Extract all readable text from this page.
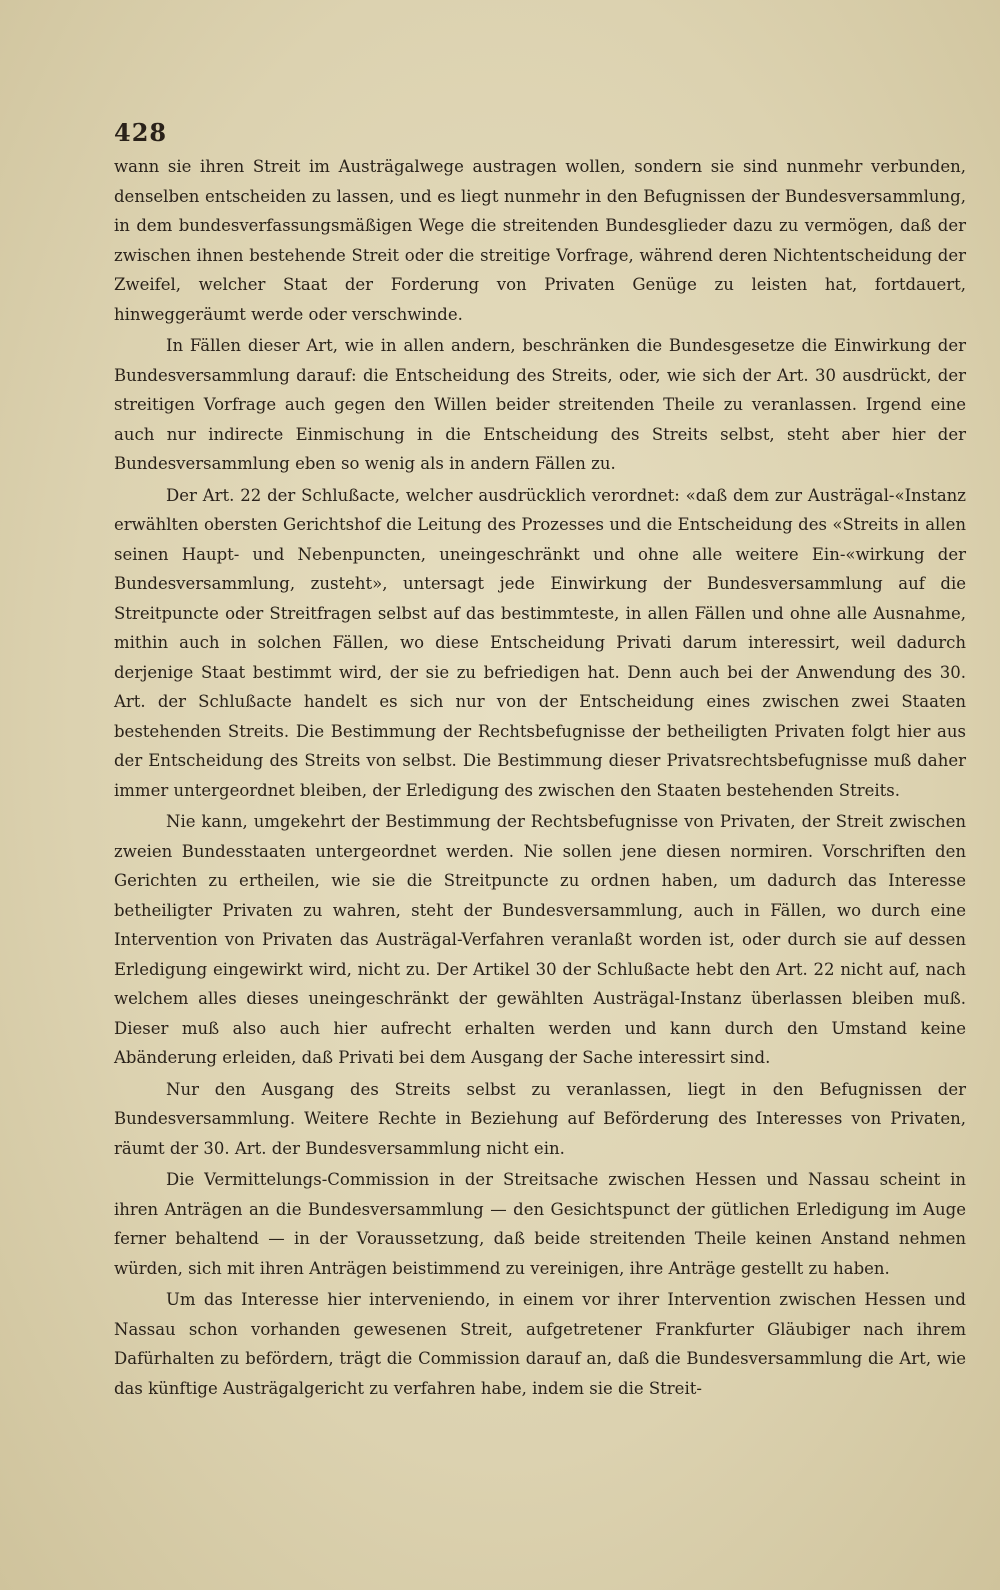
428

wann sie ihren Streit im Austrägalwege austragen wollen, sondern sie sind nunmehr verbunden, denselben entscheiden zu lassen, und es liegt nunmehr in den Befugnissen der Bundesversammlung, in dem bundesverfassungsmäßigen Wege die streitenden Bundesglieder dazu zu vermögen, daß der zwischen ihnen bestehende Streit oder die streitige Vorfrage, während deren Nichtentscheidung der Zweifel, welcher Staat der Forderung von Privaten Genüge zu leisten hat, fortdauert, hinweggeräumt werde oder verschwinde.

In Fällen dieser Art, wie in allen andern, beschränken die Bundesgesetze die Einwirkung der Bundesversammlung darauf: die Entscheidung des Streits, oder, wie sich der Art. 30 ausdrückt, der streitigen Vorfrage auch gegen den Willen beider streitenden Theile zu veranlassen. Irgend eine auch nur indirecte Einmischung in die Entscheidung des Streits selbst, steht aber hier der Bundesversammlung eben so wenig als in andern Fällen zu.

Der Art. 22 der Schlußacte, welcher ausdrücklich verordnet: «daß dem zur Austrägal-«Instanz erwählten obersten Gerichtshof die Leitung des Prozesses und die Entscheidung des «Streits in allen seinen Haupt- und Nebenpuncten, uneingeschränkt und ohne alle weitere Ein-«wirkung der Bundesversammlung, zusteht», untersagt jede Einwirkung der Bundesversammlung auf die Streitpuncte oder Streitfragen selbst auf das bestimmteste, in allen Fällen und ohne alle Ausnahme, mithin auch in solchen Fällen, wo diese Entscheidung Privati darum interessirt, weil dadurch derjenige Staat bestimmt wird, der sie zu befriedigen hat. Denn auch bei der Anwendung des 30. Art. der Schlußacte handelt es sich nur von der Entscheidung eines zwischen zwei Staaten bestehenden Streits. Die Bestimmung der Rechtsbefugnisse der betheiligten Privaten folgt hier aus der Entscheidung des Streits von selbst. Die Bestimmung dieser Privatsrechtsbefugnisse muß daher immer untergeordnet bleiben, der Erledigung des zwischen den Staaten bestehenden Streits.

Nie kann, umgekehrt der Bestimmung der Rechtsbefugnisse von Privaten, der Streit zwischen zweien Bundesstaaten untergeordnet werden. Nie sollen jene diesen normiren. Vorschriften den Gerichten zu ertheilen, wie sie die Streitpuncte zu ordnen haben, um dadurch das Interesse betheiligter Privaten zu wahren, steht der Bundesversammlung, auch in Fällen, wo durch eine Intervention von Privaten das Austrägal-Verfahren veranlaßt worden ist, oder durch sie auf dessen Erledigung eingewirkt wird, nicht zu. Der Artikel 30 der Schlußacte hebt den Art. 22 nicht auf, nach welchem alles dieses uneingeschränkt der gewählten Austrägal-Instanz überlassen bleiben muß. Dieser muß also auch hier aufrecht erhalten werden und kann durch den Umstand keine Abänderung erleiden, daß Privati bei dem Ausgang der Sache interessirt sind.

Nur den Ausgang des Streits selbst zu veranlassen, liegt in den Befugnissen der Bundesversammlung. Weitere Rechte in Beziehung auf Beförderung des Interesses von Privaten, räumt der 30. Art. der Bundesversammlung nicht ein.

Die Vermittelungs-Commission in der Streitsache zwischen Hessen und Nassau scheint in ihren Anträgen an die Bundesversammlung — den Gesichtspunct der gütlichen Erledigung im Auge ferner behaltend — in der Voraussetzung, daß beide streitenden Theile keinen Anstand nehmen würden, sich mit ihren Anträgen beistimmend zu vereinigen, ihre Anträge gestellt zu haben.

Um das Interesse hier interveniendo, in einem vor ihrer Intervention zwischen Hessen und Nassau schon vorhanden gewesenen Streit, aufgetretener Frankfurter Gläubiger nach ihrem Dafürhalten zu befördern, trägt die Commission darauf an, daß die Bundesversammlung die Art, wie das künftige Austrägalgericht zu verfahren habe, indem sie die Streit-
